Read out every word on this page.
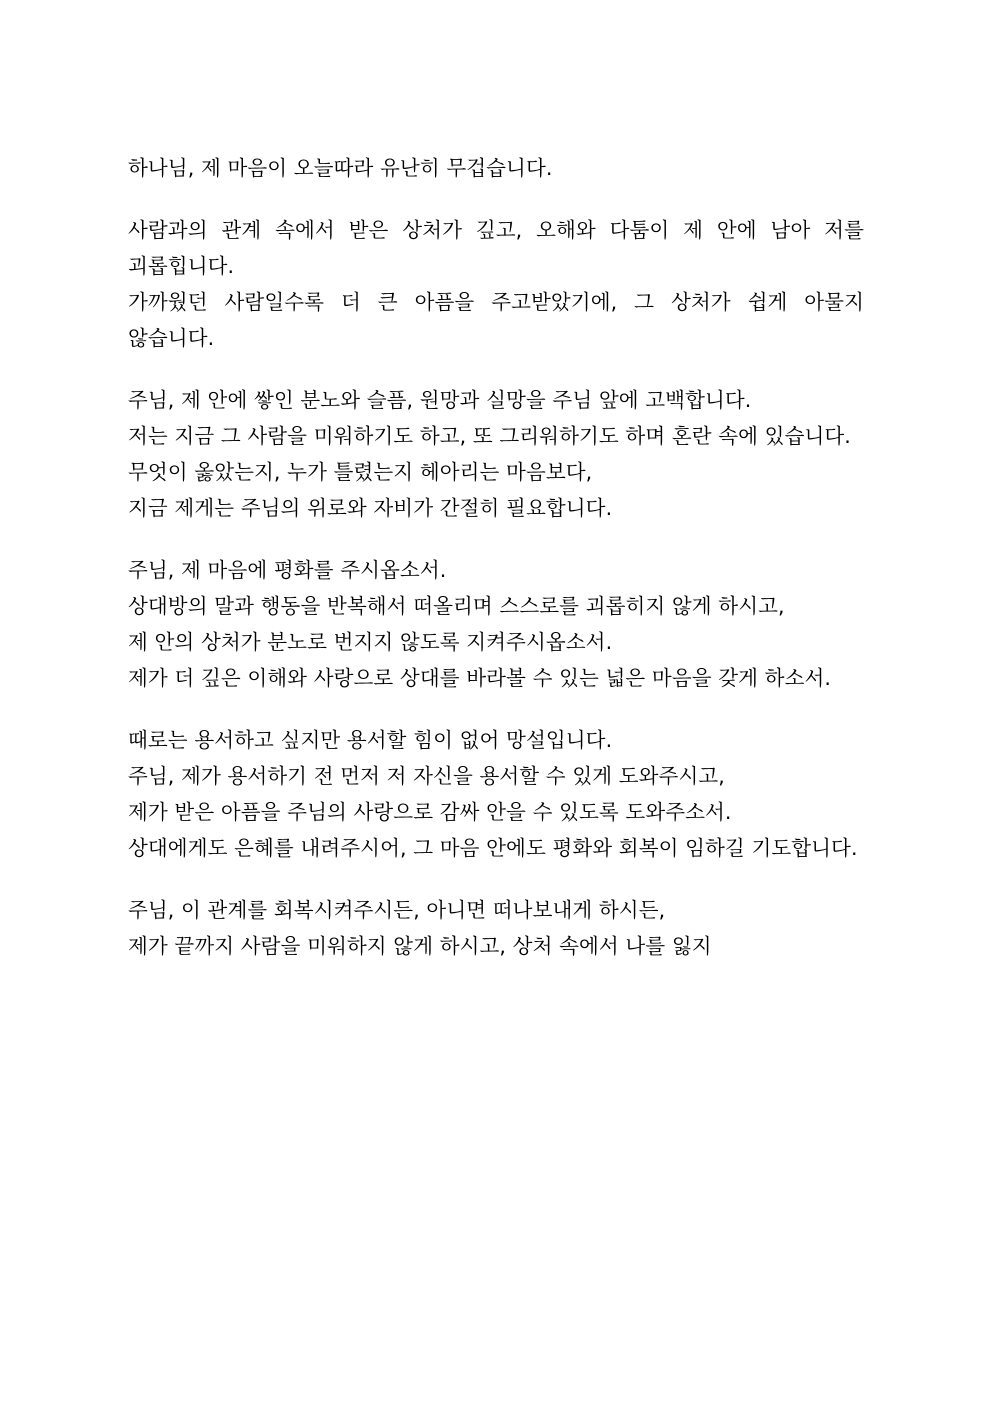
하나님, 제 마음이 오늘따라 유난히 무겁습니다.

사람과의 관계 속에서 받은 상처가 깊고, 오해와 다툼이 제 안에 남아 저를 괴롭힙니다.

가까웠던 사람일수록 더 큰 아픔을 주고받았기에, 그 상처가 쉽게 아물지 않습니다.

주님, 제 안에 쌓인 분노와 슬픔, 원망과 실망을 주님 앞에 고백합니다.

저는 지금 그 사람을 미워하기도 하고, 또 그리워하기도 하며 혼란 속에 있습니다.

무엇이 옳았는지, 누가 틀렸는지 헤아리는 마음보다,

지금 제게는 주님의 위로와 자비가 간절히 필요합니다.

주님, 제 마음에 평화를 주시옵소서.

상대방의 말과 행동을 반복해서 떠올리며 스스로를 괴롭히지 않게 하시고,

제 안의 상처가 분노로 번지지 않도록 지켜주시옵소서.

제가 더 깊은 이해와 사랑으로 상대를 바라볼 수 있는 넓은 마음을 갖게 하소서.

때로는 용서하고 싶지만 용서할 힘이 없어 망설입니다.

주님, 제가 용서하기 전 먼저 저 자신을 용서할 수 있게 도와주시고,

제가 받은 아픔을 주님의 사랑으로 감싸 안을 수 있도록 도와주소서.

상대에게도 은혜를 내려주시어, 그 마음 안에도 평화와 회복이 임하길 기도합니다.

주님, 이 관계를 회복시켜주시든, 아니면 떠나보내게 하시든,

제가 끝까지 사람을 미워하지 않게 하시고, 상처 속에서 나를 잃지
